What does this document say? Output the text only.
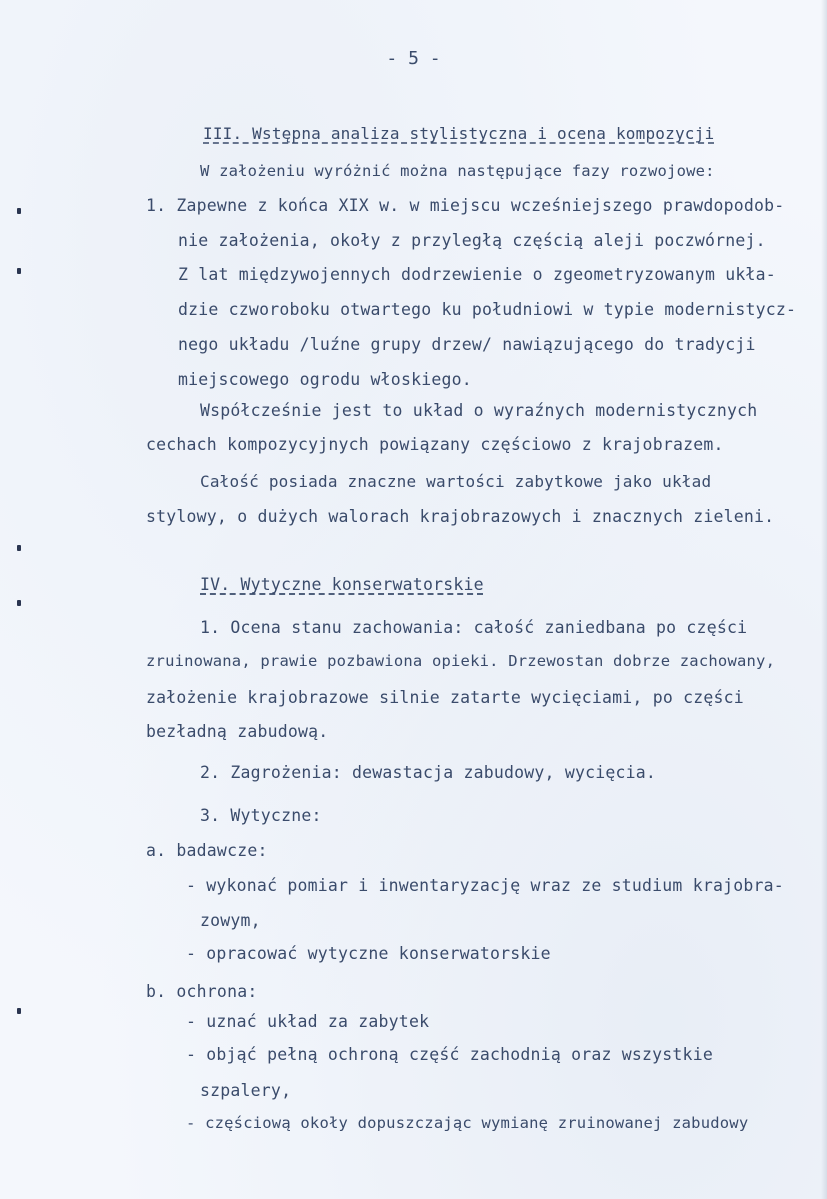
- 5 -
III. Wstępna analiza stylistyczna i ocena kompozycji
W założeniu wyróżnić można następujące fazy rozwojowe:
1. Zapewne z końca XIX w. w miejscu wcześniejszego prawdopodob-
nie założenia, okoły z przyległą częścią aleji poczwórnej.
Z lat międzywojennych dodrzewienie o zgeometryzowanym ukła-
dzie czworoboku otwartego ku południowi w typie modernistycz-
nego układu /luźne grupy drzew/ nawiązującego do tradycji
miejscowego ogrodu włoskiego.
Współcześnie jest to układ o wyraźnych modernistycznych
cechach kompozycyjnych powiązany częściowo z krajobrazem.
Całość posiada znaczne wartości zabytkowe jako układ
stylowy, o dużych walorach krajobrazowych i znacznych zieleni.
IV. Wytyczne konserwatorskie
1. Ocena stanu zachowania: całość zaniedbana po części
zruinowana, prawie pozbawiona opieki. Drzewostan dobrze zachowany,
założenie krajobrazowe silnie zatarte wycięciami, po części
bezładną zabudową.
2. Zagrożenia: dewastacja zabudowy, wycięcia.
3. Wytyczne:
a. badawcze:
- wykonać pomiar i inwentaryzację wraz ze studium krajobra-
zowym,
- opracować wytyczne konserwatorskie
b. ochrona:
- uznać układ za zabytek
- objąć pełną ochroną część zachodnią oraz wszystkie
szpalery,
- częściową okoły dopuszczając wymianę zruinowanej zabudowy
